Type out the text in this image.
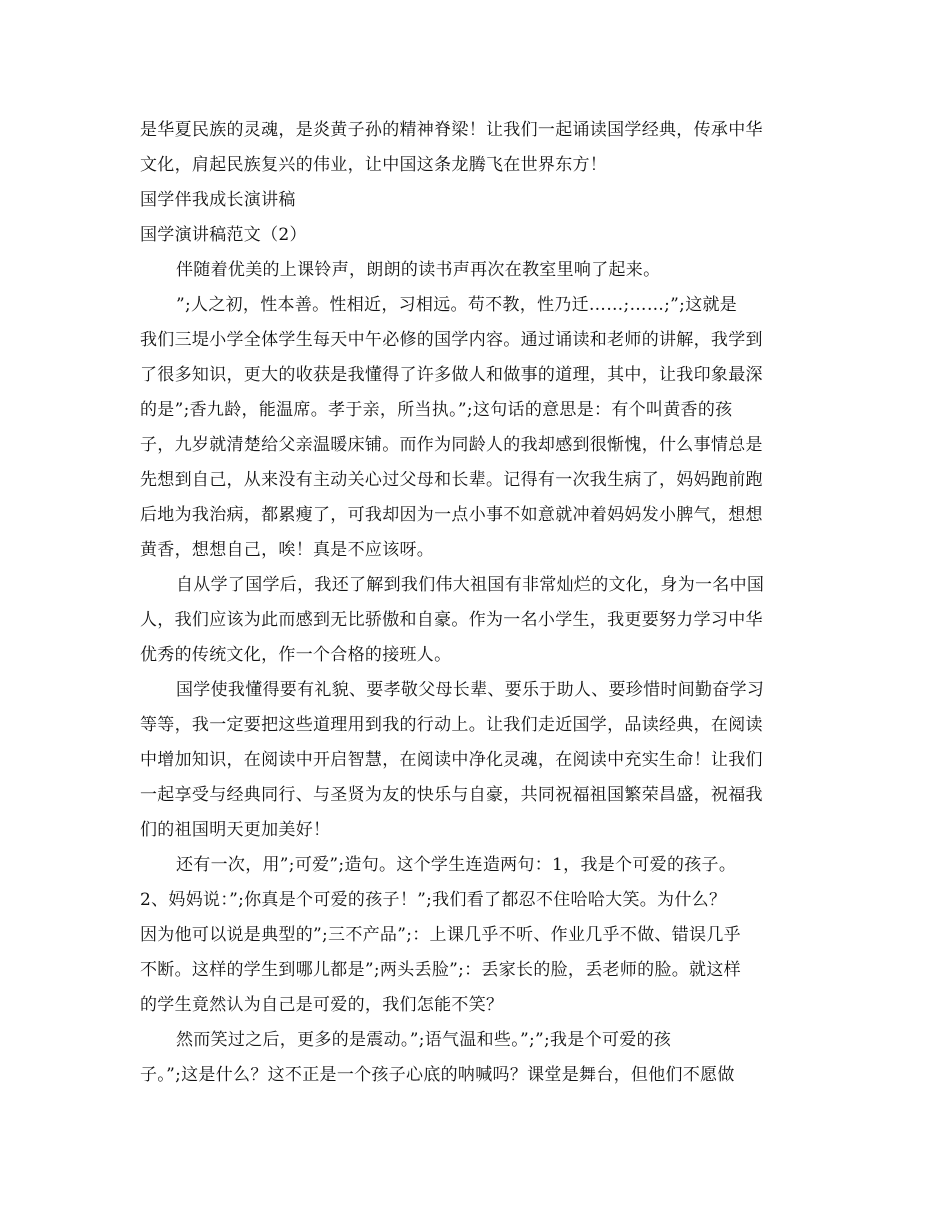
是华夏民族的灵魂，是炎黄子孙的精神脊梁！让我们一起诵读国学经典，传承中华
文化，肩起民族复兴的伟业，让中国这条龙腾飞在世界东方！
国学伴我成长演讲稿
国学演讲稿范文（2）
伴随着优美的上课铃声，朗朗的读书声再次在教室里响了起来。
”;人之初，性本善。性相近，习相远。苟不教，性乃迁……;……;”;这就是
我们三堤小学全体学生每天中午必修的国学内容。通过诵读和老师的讲解，我学到
了很多知识，更大的收获是我懂得了许多做人和做事的道理，其中，让我印象最深
的是”;香九龄，能温席。孝于亲，所当执。”;这句话的意思是：有个叫黄香的孩
子，九岁就清楚给父亲温暖床铺。而作为同龄人的我却感到很惭愧，什么事情总是
先想到自己，从来没有主动关心过父母和长辈。记得有一次我生病了，妈妈跑前跑
后地为我治病，都累瘦了，可我却因为一点小事不如意就冲着妈妈发小脾气，想想
黄香，想想自己，唉！真是不应该呀。
自从学了国学后，我还了解到我们伟大祖国有非常灿烂的文化，身为一名中国
人，我们应该为此而感到无比骄傲和自豪。作为一名小学生，我更要努力学习中华
优秀的传统文化，作一个合格的接班人。
国学使我懂得要有礼貌、要孝敬父母长辈、要乐于助人、要珍惜时间勤奋学习
等等，我一定要把这些道理用到我的行动上。让我们走近国学，品读经典，在阅读
中增加知识，在阅读中开启智慧，在阅读中净化灵魂，在阅读中充实生命！让我们
一起享受与经典同行、与圣贤为友的快乐与自豪，共同祝福祖国繁荣昌盛，祝福我
们的祖国明天更加美好！
还有一次，用”;可爱”;造句。这个学生连造两句：1，我是个可爱的孩子。
2、妈妈说：”;你真是个可爱的孩子！”;我们看了都忍不住哈哈大笑。为什么？
因为他可以说是典型的”;三不产品”;：上课几乎不听、作业几乎不做、错误几乎
不断。这样的学生到哪儿都是”;两头丢脸”;：丢家长的脸，丢老师的脸。就这样
的学生竟然认为自己是可爱的，我们怎能不笑？
然而笑过之后，更多的是震动。”;语气温和些。”;”;我是个可爱的孩
子。”;这是什么？这不正是一个孩子心底的呐喊吗？课堂是舞台，但他们不愿做
